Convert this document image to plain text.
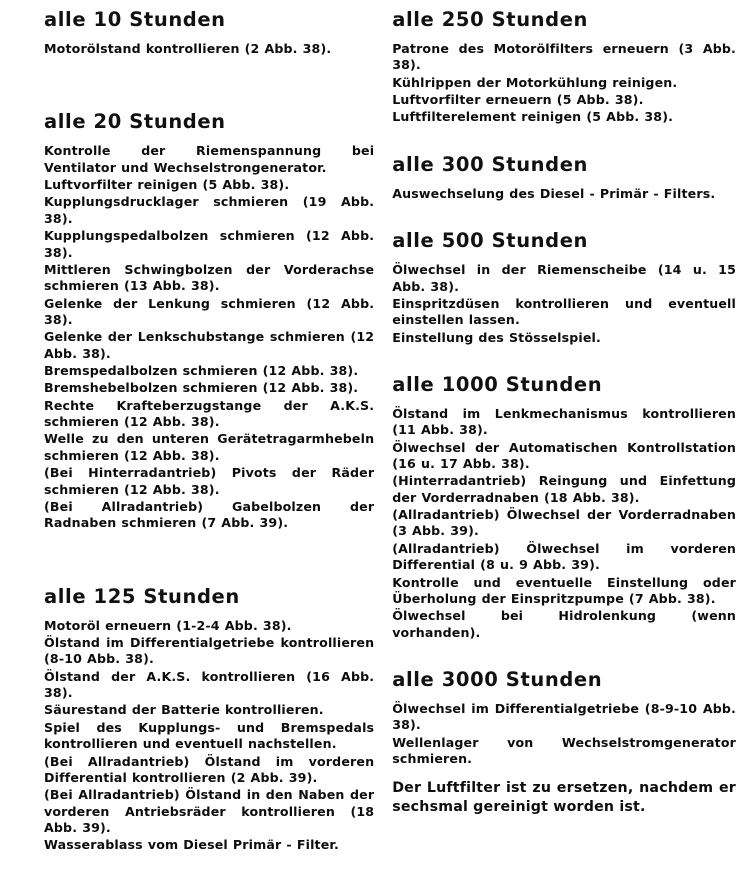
alle 10 Stunden
Motorölstand kontrollieren (2 Abb. 38).
alle 20 Stunden
Kontrolle der Riemenspannung bei Ventilator und Wechselstrongenerator.
Luftvorfilter reinigen (5 Abb. 38).
Kupplungsdrucklager schmieren (19 Abb. 38).
Kupplungspedalbolzen schmieren (12 Abb. 38).
Mittleren Schwingbolzen der Vorderachse schmieren (13 Abb. 38).
Gelenke der Lenkung schmieren (12 Abb. 38).
Gelenke der Lenkschubstange schmieren (12 Abb. 38).
Bremspedalbolzen schmieren (12 Abb. 38).
Bremshebelbolzen schmieren (12 Abb. 38).
Rechte Krafteberzugstange der A.K.S. schmieren (12 Abb. 38).
Welle zu den unteren Gerätetragarmhebeln schmieren (12 Abb. 38).
(Bei Hinterradantrieb) Pivots der Räder schmieren (12 Abb. 38).
(Bei Allradantrieb) Gabelbolzen der Radnaben schmieren (7 Abb. 39).
alle 125 Stunden
Motoröl erneuern (1-2-4 Abb. 38).
Ölstand im Differentialgetriebe kontrollieren (8-10 Abb. 38).
Ölstand der A.K.S. kontrollieren (16 Abb. 38).
Säurestand der Batterie kontrollieren.
Spiel des Kupplungs- und Bremspedals kontrollieren und eventuell nachstellen.
(Bei Allradantrieb) Ölstand im vorderen Differential kontrollieren (2 Abb. 39).
(Bei Allradantrieb) Ölstand in den Naben der vorderen Antriebsräder kontrollieren (18 Abb. 39).
Wasserablass vom Diesel Primär - Filter.
alle 250 Stunden
Patrone des Motorölfilters erneuern (3 Abb. 38).
Kühlrippen der Motorkühlung reinigen.
Luftvorfilter erneuern (5 Abb. 38).
Luftfilterelement reinigen (5 Abb. 38).
alle 300 Stunden
Auswechselung des Diesel - Primär - Filters.
alle 500 Stunden
Ölwechsel in der Riemenscheibe (14 u. 15 Abb. 38).
Einspritzdüsen kontrollieren und eventuell einstellen lassen.
Einstellung des Stösselspiel.
alle 1000 Stunden
Ölstand im Lenkmechanismus kontrollieren (11 Abb. 38).
Ölwechsel der Automatischen Kontrollstation (16 u. 17 Abb. 38).
(Hinterradantrieb) Reingung und Einfettung der Vorderradnaben (18 Abb. 38).
(Allradantrieb) Ölwechsel der Vorderradnaben (3 Abb. 39).
(Allradantrieb) Ölwechsel im vorderen Differential (8 u. 9 Abb. 39).
Kontrolle und eventuelle Einstellung oder Überholung der Einspritzpumpe (7 Abb. 38).
Ölwechsel bei Hidrolenkung (wenn vorhanden).
alle 3000 Stunden
Ölwechsel im Differentialgetriebe (8-9-10 Abb. 38).
Wellenlager von Wechselstromgenerator schmieren.
Der Luftfilter ist zu ersetzen, nachdem er sechsmal gereinigt worden ist.
